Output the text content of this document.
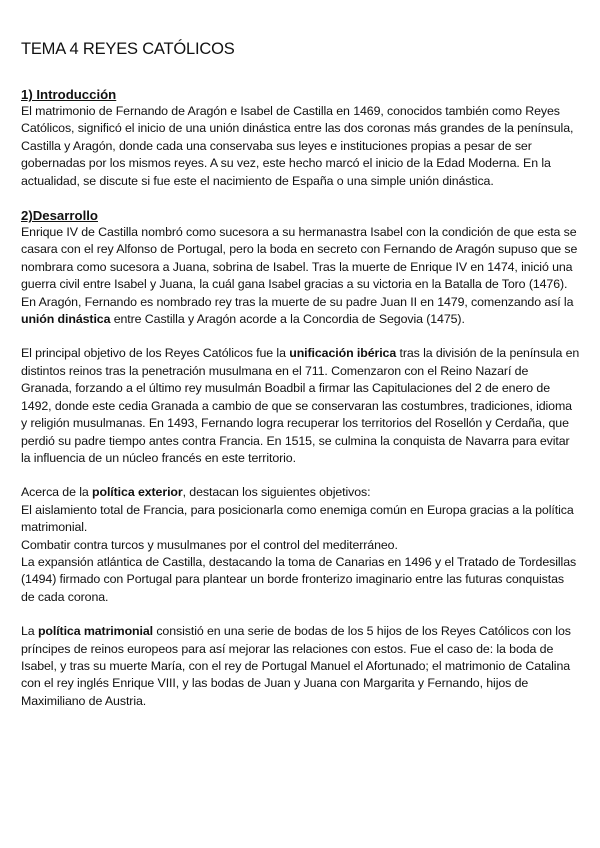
TEMA 4 REYES CATÓLICOS
1) Introducción

El matrimonio de Fernando de Aragón e Isabel de Castilla en 1469, conocidos también como Reyes Católicos, significó el inicio de una unión dinástica entre las dos coronas más grandes de la península, Castilla y Aragón, donde cada una conservaba sus leyes e instituciones propias a pesar de ser gobernadas por los mismos reyes. A su vez, este hecho marcó el inicio de la Edad Moderna. En la actualidad, se discute si fue este el nacimiento de España o una simple unión dinástica.

2)Desarrollo

Enrique IV de Castilla nombró como sucesora a su hermanastra Isabel con la condición de que esta se casara con el rey Alfonso de Portugal, pero la boda en secreto con Fernando de Aragón supuso que se nombrara como sucesora a Juana, sobrina de Isabel. Tras la muerte de Enrique IV en 1474, inició una guerra civil entre Isabel y Juana, la cuál gana Isabel gracias a su victoria en la Batalla de Toro (1476). En Aragón, Fernando es nombrado rey tras la muerte de su padre Juan II en 1479, comenzando así la unión dinástica entre Castilla y Aragón acorde a la Concordia de Segovia (1475).

El principal objetivo de los Reyes Católicos fue la unificación ibérica tras la división de la península en distintos reinos tras la penetración musulmana en el 711. Comenzaron con el Reino Nazarí de Granada, forzando a el último rey musulmán Boadbil a firmar las Capitulaciones del 2 de enero de 1492, donde este cedia Granada a cambio de que se conservaran las costumbres, tradiciones, idioma y religión musulmanas. En 1493, Fernando logra recuperar los territorios del Rosellón y Cerdaña, que perdió su padre tiempo antes contra Francia. En 1515, se culmina la conquista de Navarra para evitar la influencia de un núcleo francés en este territorio.

Acerca de la política exterior, destacan los siguientes objetivos:

El aislamiento total de Francia, para posicionarla como enemiga común en Europa gracias a la política matrimonial.

Combatir contra turcos y musulmanes por el control del mediterráneo.

La expansión atlántica de Castilla, destacando la toma de Canarias en 1496 y el Tratado de Tordesillas (1494) firmado con Portugal para plantear un borde fronterizo imaginario entre las futuras conquistas de cada corona.

La política matrimonial consistió en una serie de bodas de los 5 hijos de los Reyes Católicos con los príncipes de reinos europeos para así mejorar las relaciones con estos. Fue el caso de: la boda de Isabel, y tras su muerte María, con el rey de Portugal Manuel el Afortunado; el matrimonio de Catalina con el rey inglés Enrique VIII, y las bodas de Juan y Juana con Margarita y Fernando, hijos de Maximiliano de Austria.
